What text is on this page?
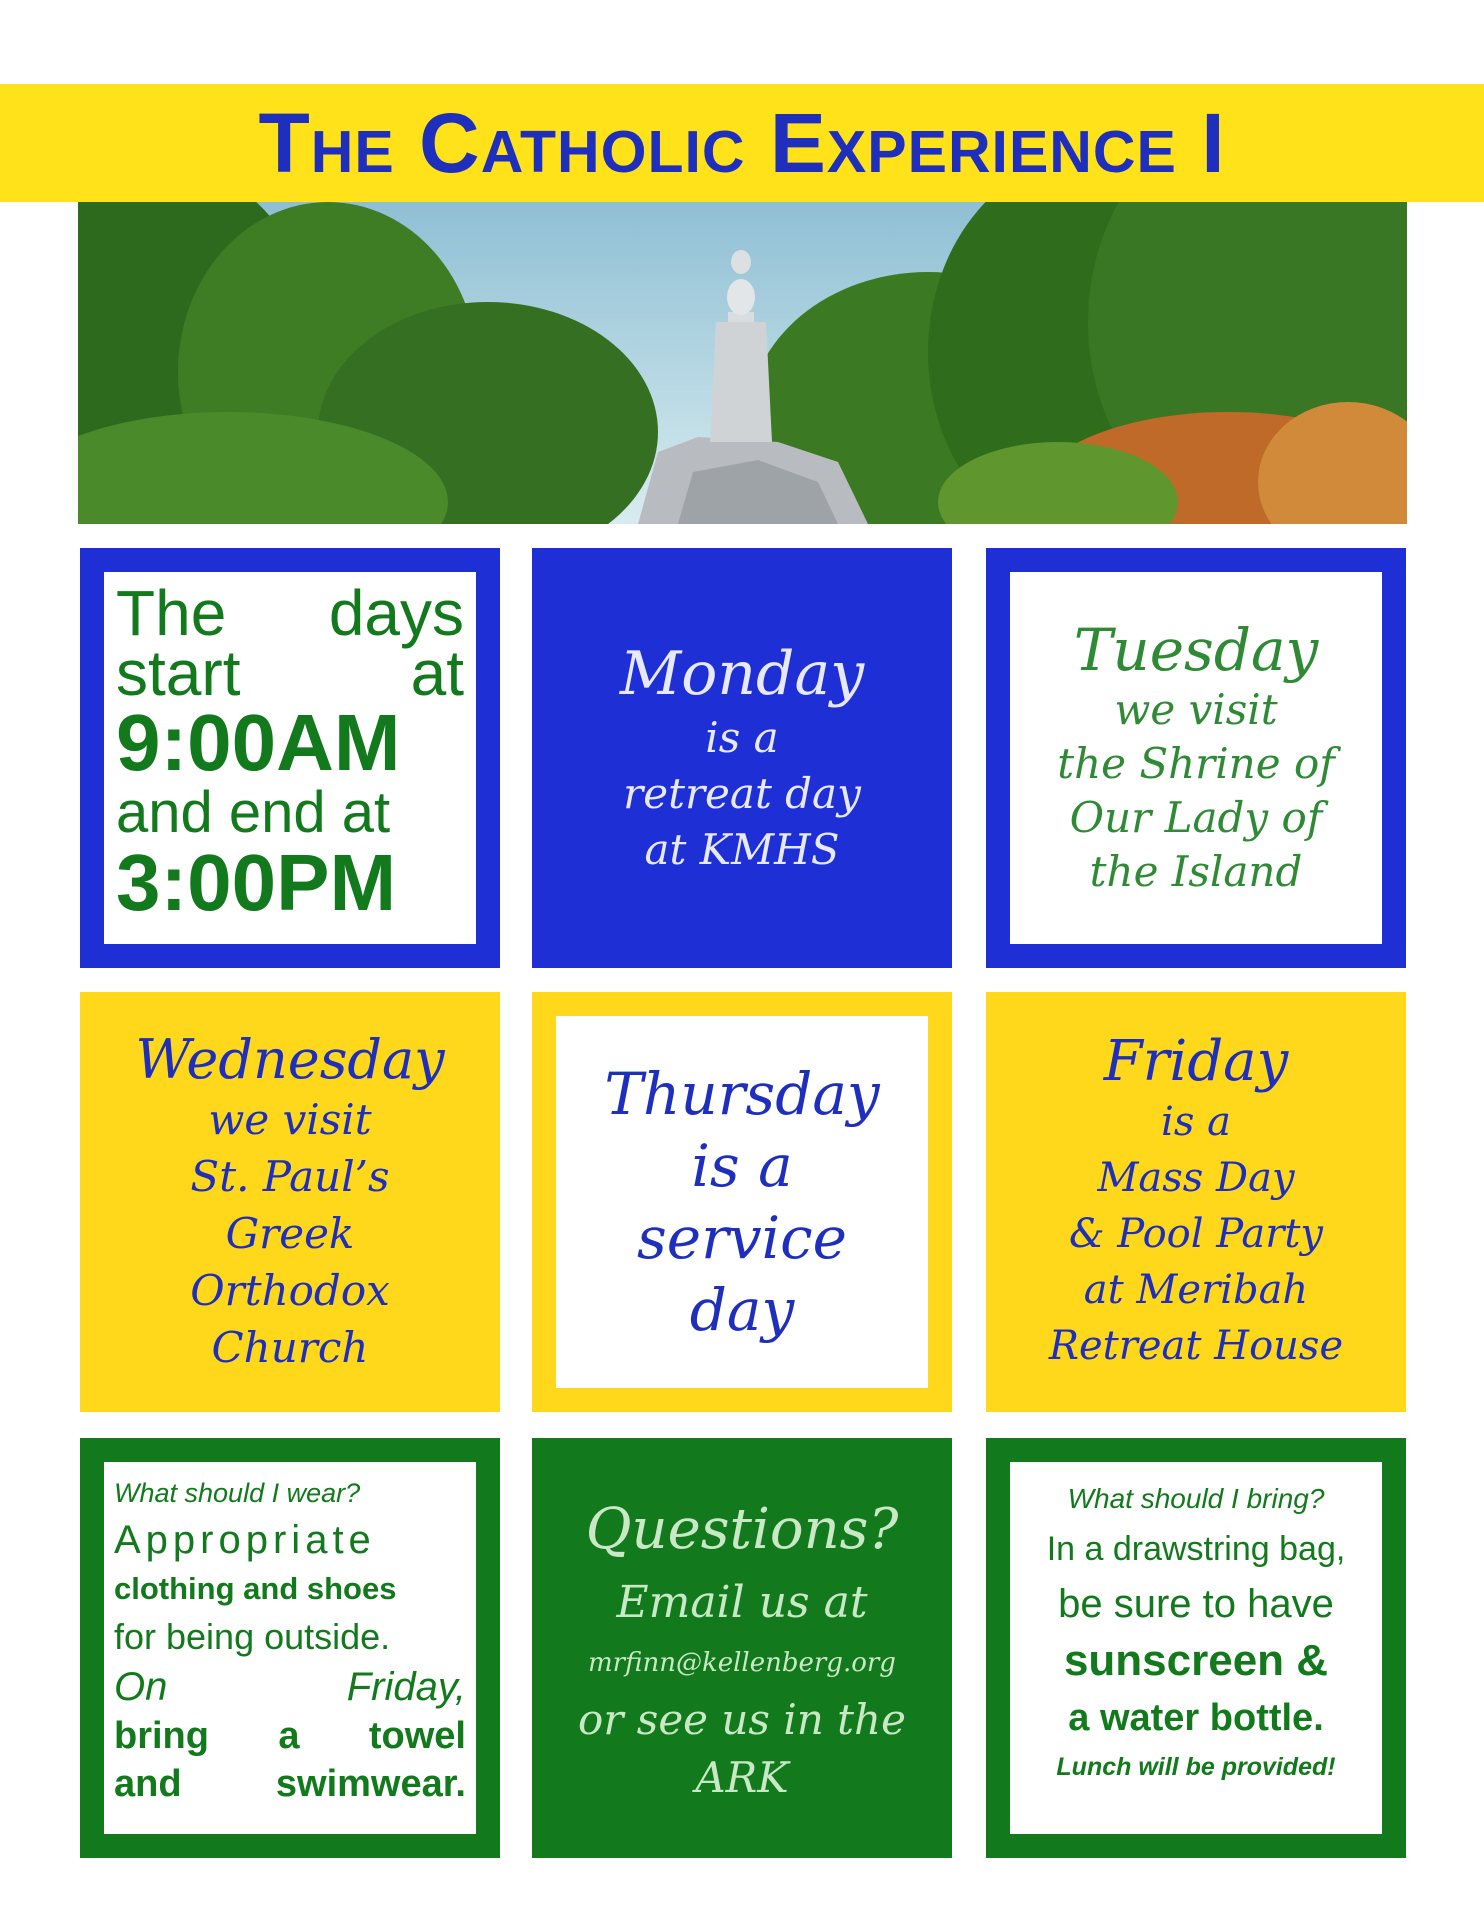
The Catholic Experience I
The days
start at
9:00AM
and end at
3:00PM
Monday
is a
retreat day
at KMHS
Tuesday
we visit
the Shrine of
Our Lady of
the Island
Wednesday
we visit
St. Paul’s
Greek
Orthodox
Church
Thursday
is a
service
day
Friday
is a
Mass Day
& Pool Party
at Meribah
Retreat House
What should I wear?
Appropriate
clothing and shoes
for being outside.
On Friday,
bring a towel
and swimwear.
Questions?
Email us at
mrfinn@kellenberg.org
or see us in the
ARK
What should I bring?
In a drawstring bag,
be sure to have
sunscreen &
a water bottle.
Lunch will be provided!
